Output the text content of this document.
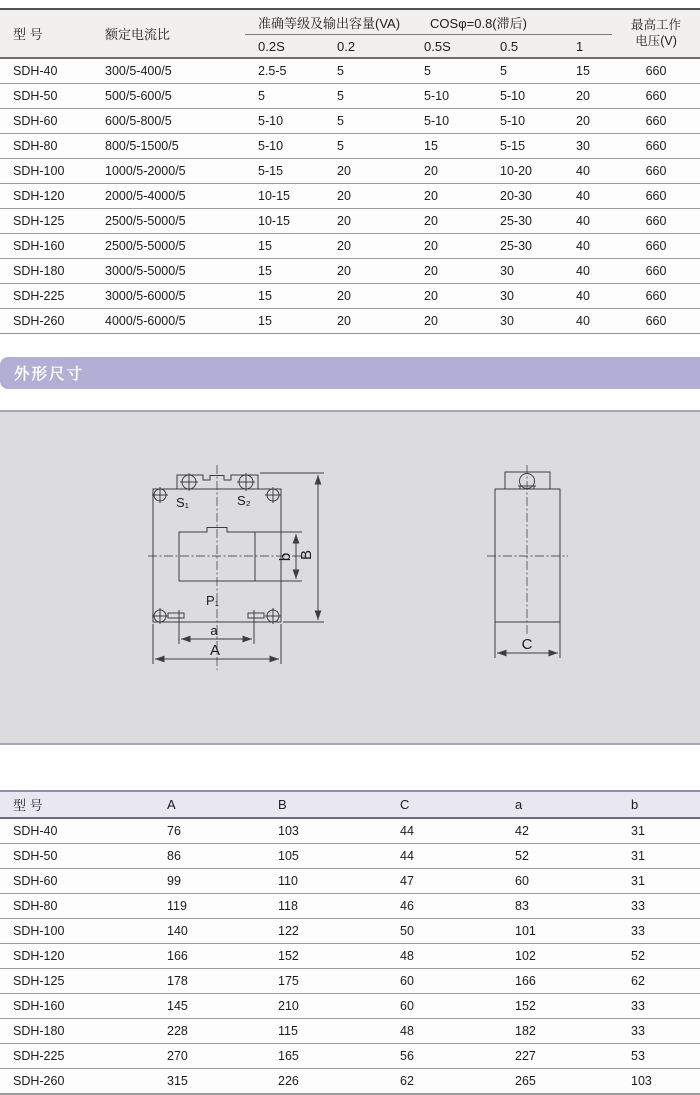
型 号	额定电流比	准确等级及输出容量(VA) COSφ=0.8(滞后)					最高工作
电压(V)

		0.2S	0.2	0.5S	0.5	1	
SDH-40	300/5-400/5	2.5-5	5	5	5	15	660
SDH-50	500/5-600/5	5	5	5-10	5-10	20	660
SDH-60	600/5-800/5	5-10	5	5-10	5-10	20	660
SDH-80	800/5-1500/5	5-10	5	15	5-15	30	660
SDH-100	1000/5-2000/5	5-15	20	20	10-20	40	660
SDH-120	2000/5-4000/5	10-15	20	20	20-30	40	660
SDH-125	2500/5-5000/5	10-15	20	20	25-30	40	660
SDH-160	2500/5-5000/5	15	20	20	25-30	40	660
SDH-180	3000/5-5000/5	15	20	20	30	40	660
SDH-225	3000/5-6000/5	15	20	20	30	40	660
SDH-260	4000/5-6000/5	15	20	20	30	40	660
外形尺寸
S₁	S₂
P₁
b B
a
A	C
型 号	A	B	C	a	b
SDH-40	76	103	44	42	31
SDH-50	86	105	44	52	31
SDH-60	99	110	47	60	31
SDH-80	119	118	46	83	33
SDH-100	140	122	50	101	33
SDH-120	166	152	48	102	52
SDH-125	178	175	60	166	62
SDH-160	145	210	60	152	33
SDH-180	228	115	48	182	33
SDH-225	270	165	56	227	53
SDH-260	315	226	62	265	103
